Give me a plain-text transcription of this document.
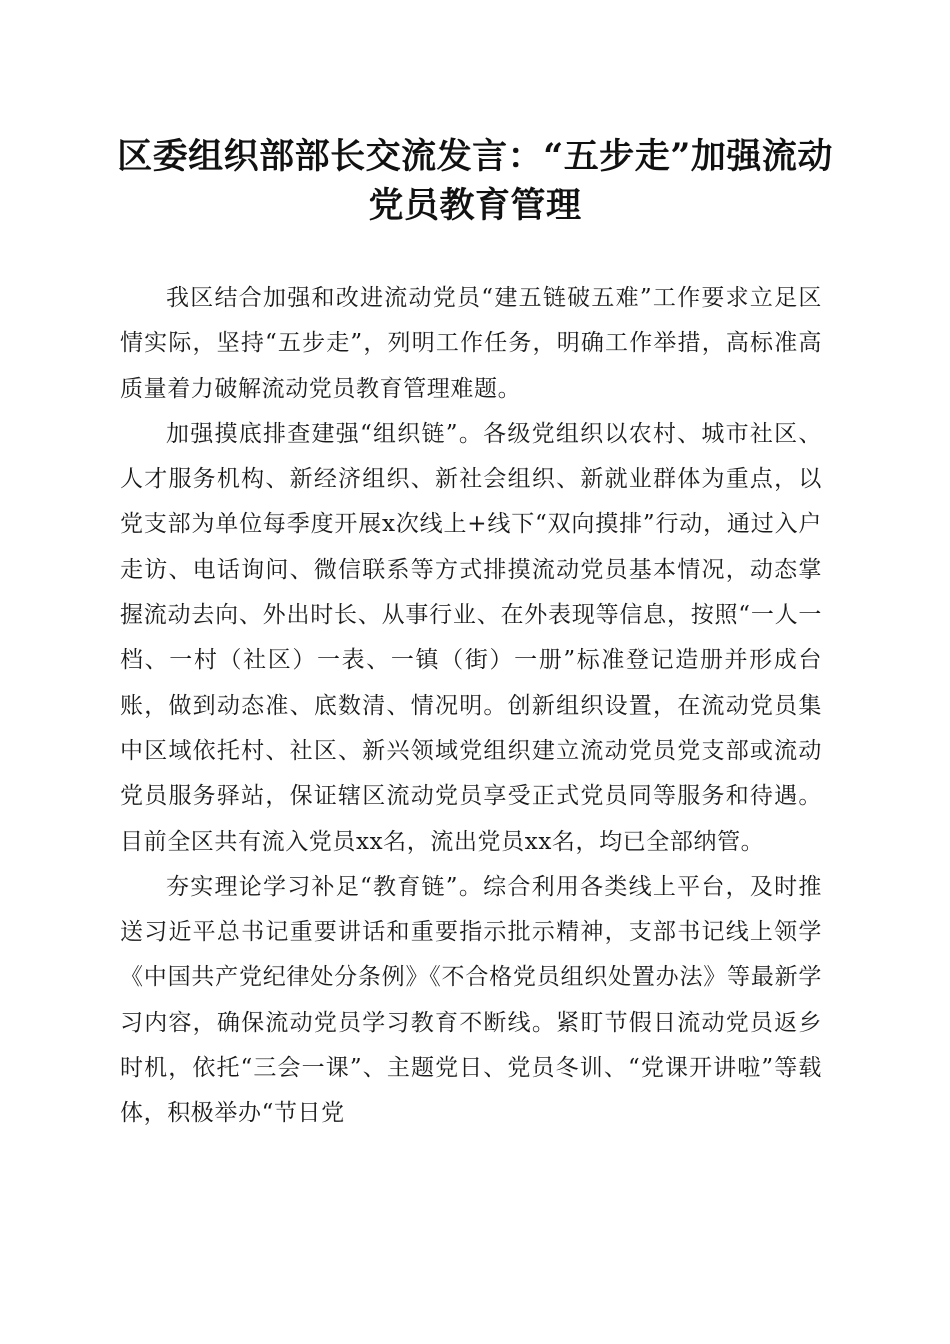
区委组织部部长交流发言：“五步走”加强流动党员教育管理

我区结合加强和改进流动党员“建五链破五难”工作要求立足区情实际，坚持“五步走”，列明工作任务，明确工作举措，高标准高质量着力破解流动党员教育管理难题。

加强摸底排查建强“组织链”。各级党组织以农村、城市社区、人才服务机构、新经济组织、新社会组织、新就业群体为重点，以党支部为单位每季度开展x次线上+线下“双向摸排”行动，通过入户走访、电话询问、微信联系等方式排摸流动党员基本情况，动态掌握流动去向、外出时长、从事行业、在外表现等信息，按照“一人一档、一村（社区）一表、一镇（街）一册”标准登记造册并形成台账，做到动态准、底数清、情况明。创新组织设置，在流动党员集中区域依托村、社区、新兴领域党组织建立流动党员党支部或流动党员服务驿站，保证辖区流动党员享受正式党员同等服务和待遇。目前全区共有流入党员xx名，流出党员xx名，均已全部纳管。

夯实理论学习补足“教育链”。综合利用各类线上平台，及时推送习近平总书记重要讲话和重要指示批示精神，支部书记线上领学《中国共产党纪律处分条例》《不合格党员组织处置办法》等最新学习内容，确保流动党员学习教育不断线。紧盯节假日流动党员返乡时机，依托“三会一课”、主题党日、党员冬训、“党课开讲啦”等载体，积极举办“节日党
